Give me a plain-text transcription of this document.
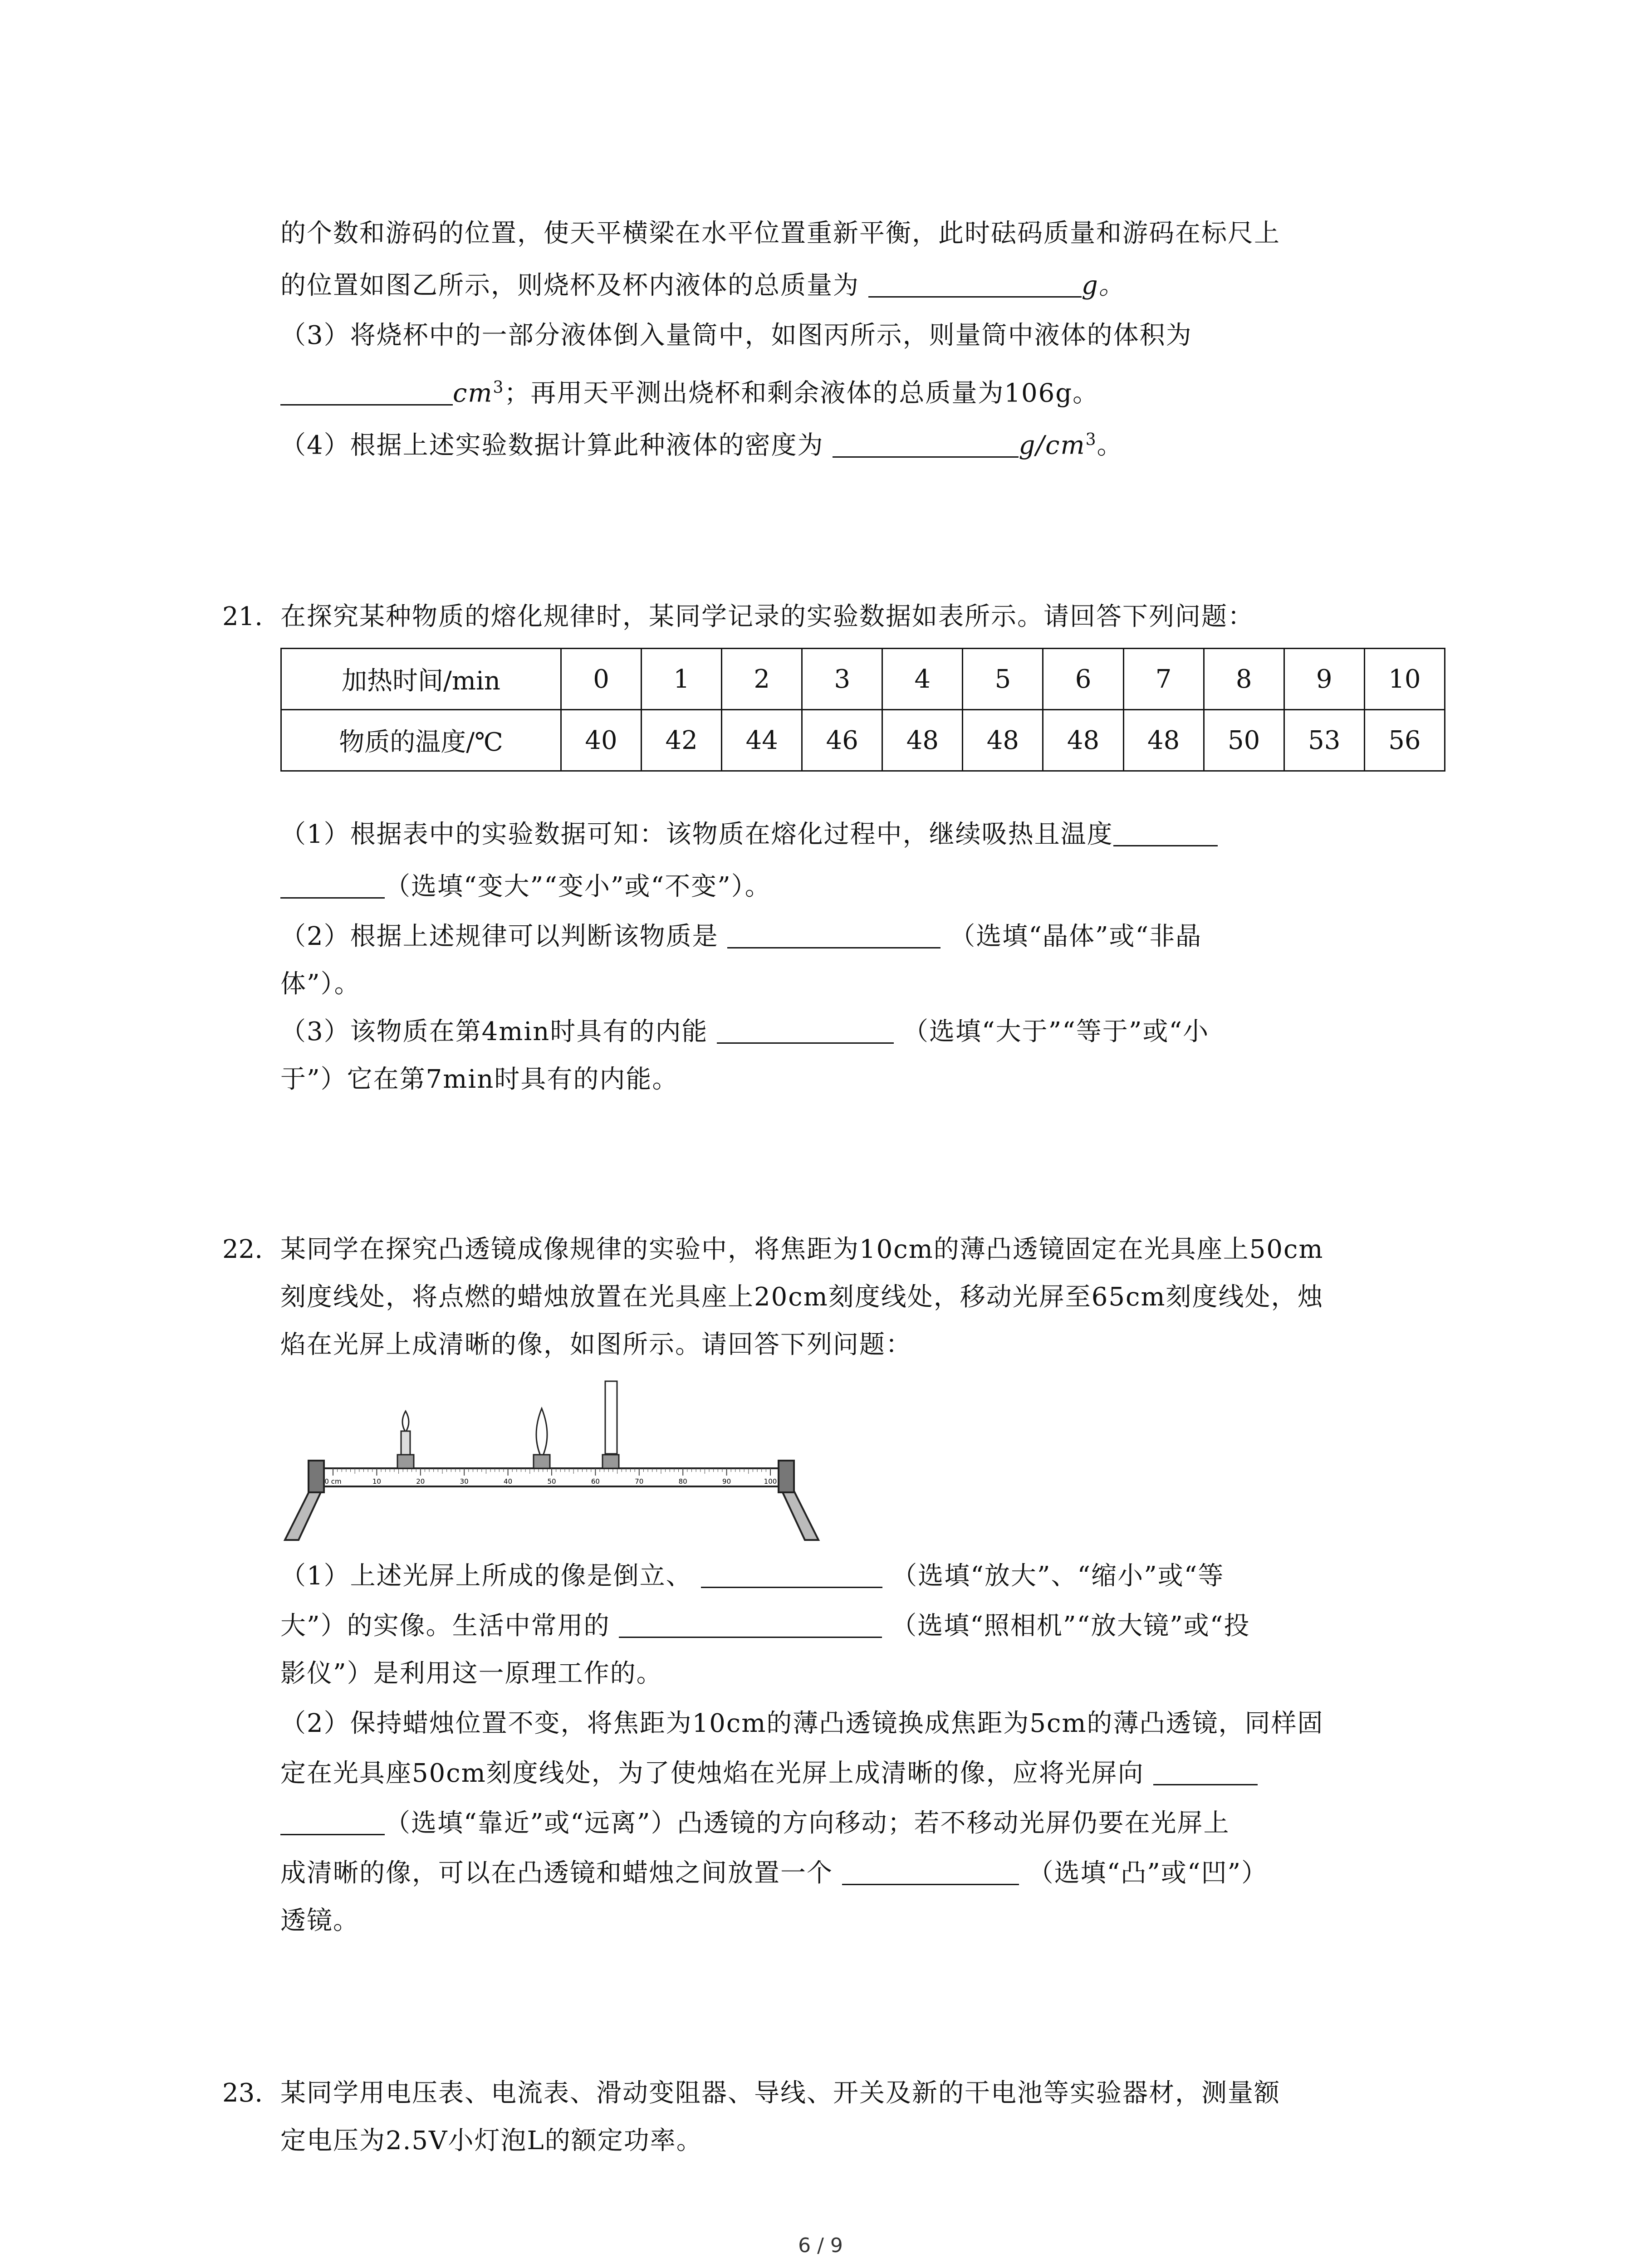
的个数和游码的位置，使天平横梁在水平位置重新平衡，此时砝码质量和游码在标尺上
的位置如图乙所示，则烧杯及杯内液体的总质量为	g。
（3）将烧杯中的一部分液体倒入量筒中，如图丙所示，则量筒中液体的体积为
$cm^3$；再用天平测出烧杯和剩余液体的总质量为106g。
（4）根据上述实验数据计算此种液体的密度为	$g/cm^3$。
21. 在探究某种物质的熔化规律时，某同学记录的实验数据如表所示。请回答下列问题：
加热时间/min	0	1	2	3	4	5	6	7	8	9	10
物质的温度/℃	40	42	44	46	48	48	48	48	50	53	56
（1）根据表中的实验数据可知：该物质在熔化过程中，继续吸热且温度
（选填“变大”“变小”或“不变”）。
（2）根据上述规律可以判断该物质是	（选填“晶体”或“非晶
体”）。
（3）该物质在第4min时具有的内能	（选填“大于”“等于”或“小
于”）它在第7min时具有的内能。
22. 某同学在探究凸透镜成像规律的实验中，将焦距为10cm的薄凸透镜固定在光具座上50cm
刻度线处，将点燃的蜡烛放置在光具座上20cm刻度线处，移动光屏至65cm刻度线处，烛
焰在光屏上成清晰的像，如图所示。请回答下列问题：
0 cm	10	20	30	40	50	60	70	80	90	100
（1）上述光屏上所成的像是倒立、	（选填“放大”、“缩小”或“等
大”）的实像。生活中常用的	（选填“照相机”“放大镜”或“投
影仪”）是利用这一原理工作的。
（2）保持蜡烛位置不变，将焦距为10cm的薄凸透镜换成焦距为5cm的薄凸透镜，同样固
定在光具座50cm刻度线处，为了使烛焰在光屏上成清晰的像，应将光屏向
（选填“靠近”或“远离”）凸透镜的方向移动；若不移动光屏仍要在光屏上
成清晰的像，可以在凸透镜和蜡烛之间放置一个	（选填“凸”或“凹”）
透镜。
23. 某同学用电压表、电流表、滑动变阻器、导线、开关及新的干电池等实验器材，测量额
定电压为2.5V小灯泡L的额定功率。
6 / 9
